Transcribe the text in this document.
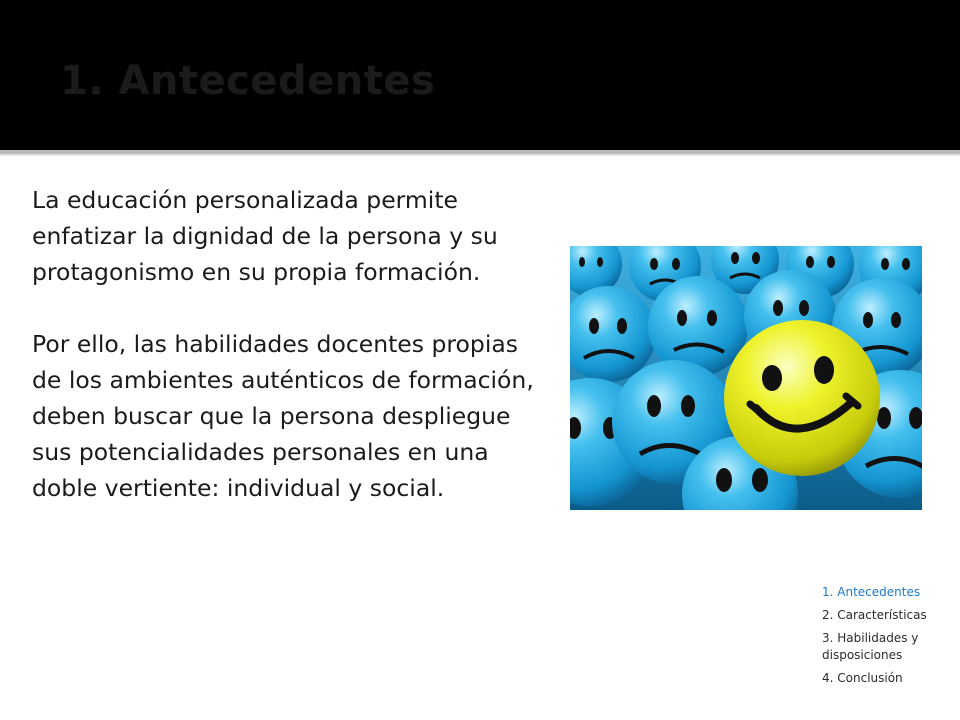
1. Antecedentes

La educación personalizada permite enfatizar la dignidad de la persona y su protagonismo en su propia formación.

Por ello, las habilidades docentes propias de los ambientes auténticos de formación, deben buscar que la persona despliegue sus potencialidades personales en una doble vertiente: individual y social.

1. Antecedentes
2. Características
3. Habilidades y disposiciones
4. Conclusión
